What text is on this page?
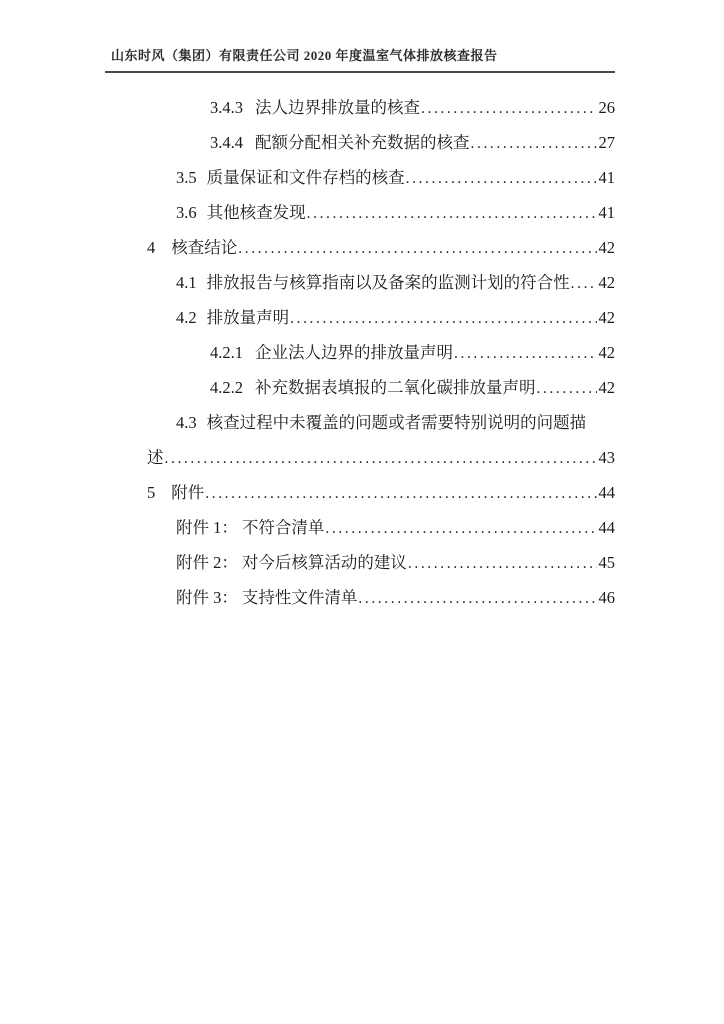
山东时风（集团）有限责任公司 2020 年度温室气体排放核查报告
3.4.3 法人边界排放量的核查 .....	26
3.4.4 配额分配相关补充数据的核查 .....	27
3.5 质量保证和文件存档的核查 .....	41
3.6 其他核查发现 .....	41
4 核查结论 .....	42
4.1 排放报告与核算指南以及备案的监测计划的符合性 ..... 42
4.2 排放量声明 .....	42
4.2.1 企业法人边界的排放量声明 .....	42
4.2.2 补充数据表填报的二氧化碳排放量声明 .....	42
4.3 核查过程中未覆盖的问题或者需要特别说明的问题描
述 .....	43
5 附件 .....	44
附件 1： 不符合清单 .....	44
附件 2： 对今后核算活动的建议 .....	45
附件 3： 支持性文件清单 .....	46
